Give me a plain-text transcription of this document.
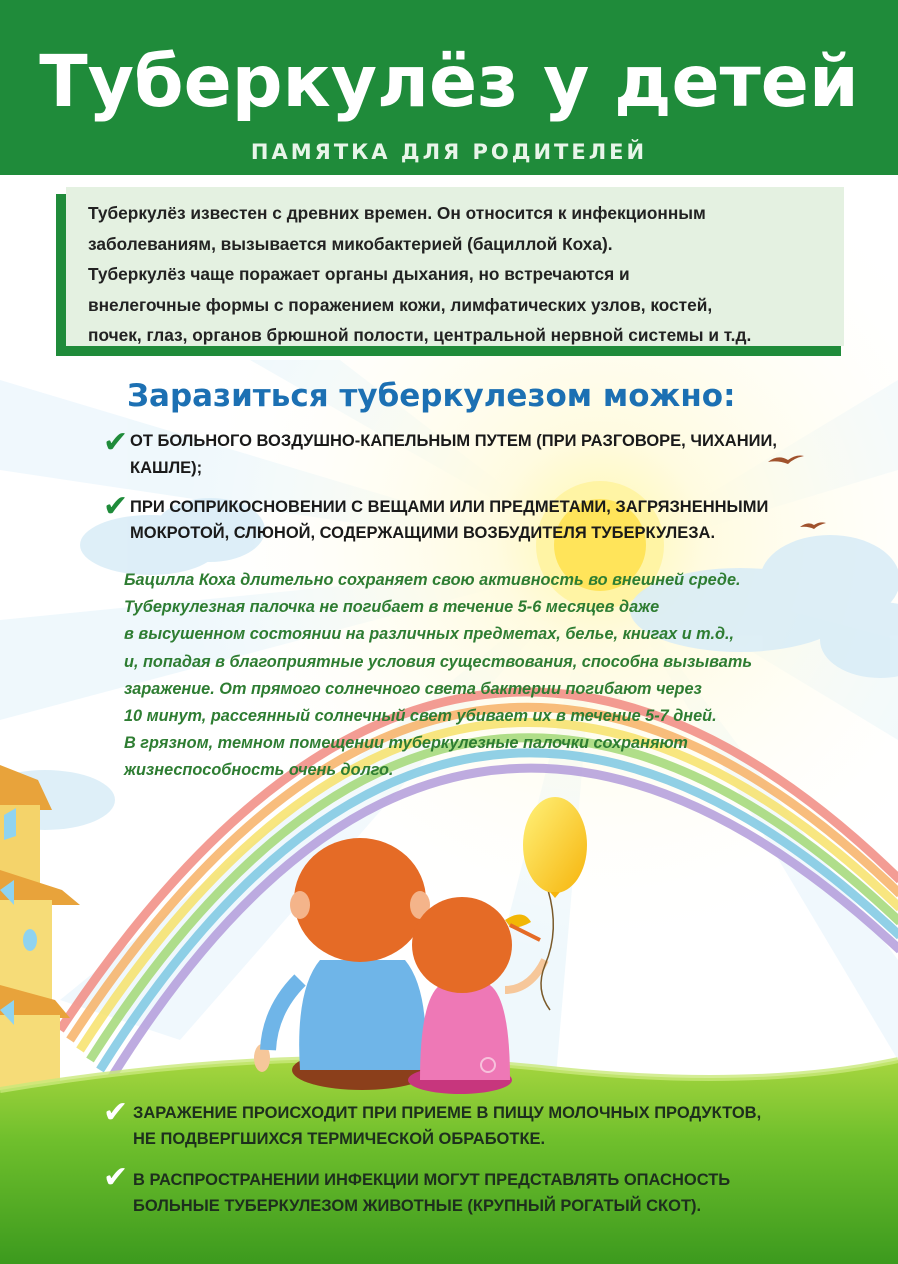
Туберкулёз у детей
ПАМЯТКА ДЛЯ РОДИТЕЛЕЙ

Туберкулёз известен с древних времен. Он относится к инфекционным

заболеваниям, вызывается микобактерией (бациллой Коха).

Туберкулёз чаще поражает органы дыхания, но встречаются и

внелегочные формы с поражением кожи, лимфатических узлов, костей,

почек, глаз, органов брюшной полости, центральной нервной системы и т.д.

Заразиться туберкулезом можно:
✔ ОТ БОЛЬНОГО ВОЗДУШНО-КАПЕЛЬНЫМ ПУТЕМ (ПРИ РАЗГОВОРЕ, ЧИХАНИИ,

КАШЛЕ);

✔ ПРИ СОПРИКОСНОВЕНИИ С ВЕЩАМИ ИЛИ ПРЕДМЕТАМИ, ЗАГРЯЗНЕННЫМИ

МОКРОТОЙ, СЛЮНОЙ, СОДЕРЖАЩИМИ ВОЗБУДИТЕЛЯ ТУБЕРКУЛЕЗА.

Бацилла Коха длительно сохраняет свою активность во внешней среде.

Туберкулезная палочка не погибает в течение 5-6 месяцев даже

в высушенном состоянии на различных предметах, белье, книгах и т.д.,

и, попадая в благоприятные условия существования, способна вызывать

заражение. От прямого солнечного света бактерии погибают через

10 минут, рассеянный солнечный свет убивает их в течение 5-7 дней.

В грязном, темном помещении туберкулезные палочки сохраняют

жизнеспособность очень долго.

✔ ЗАРАЖЕНИЕ ПРОИСХОДИТ ПРИ ПРИЕМЕ В ПИЩУ МОЛОЧНЫХ ПРОДУКТОВ,

НЕ ПОДВЕРГШИХСЯ ТЕРМИЧЕСКОЙ ОБРАБОТКЕ.

✔ В РАСПРОСТРАНЕНИИ ИНФЕКЦИИ МОГУТ ПРЕДСТАВЛЯТЬ ОПАСНОСТЬ

БОЛЬНЫЕ ТУБЕРКУЛЕЗОМ ЖИВОТНЫЕ (КРУПНЫЙ РОГАТЫЙ СКОТ).
